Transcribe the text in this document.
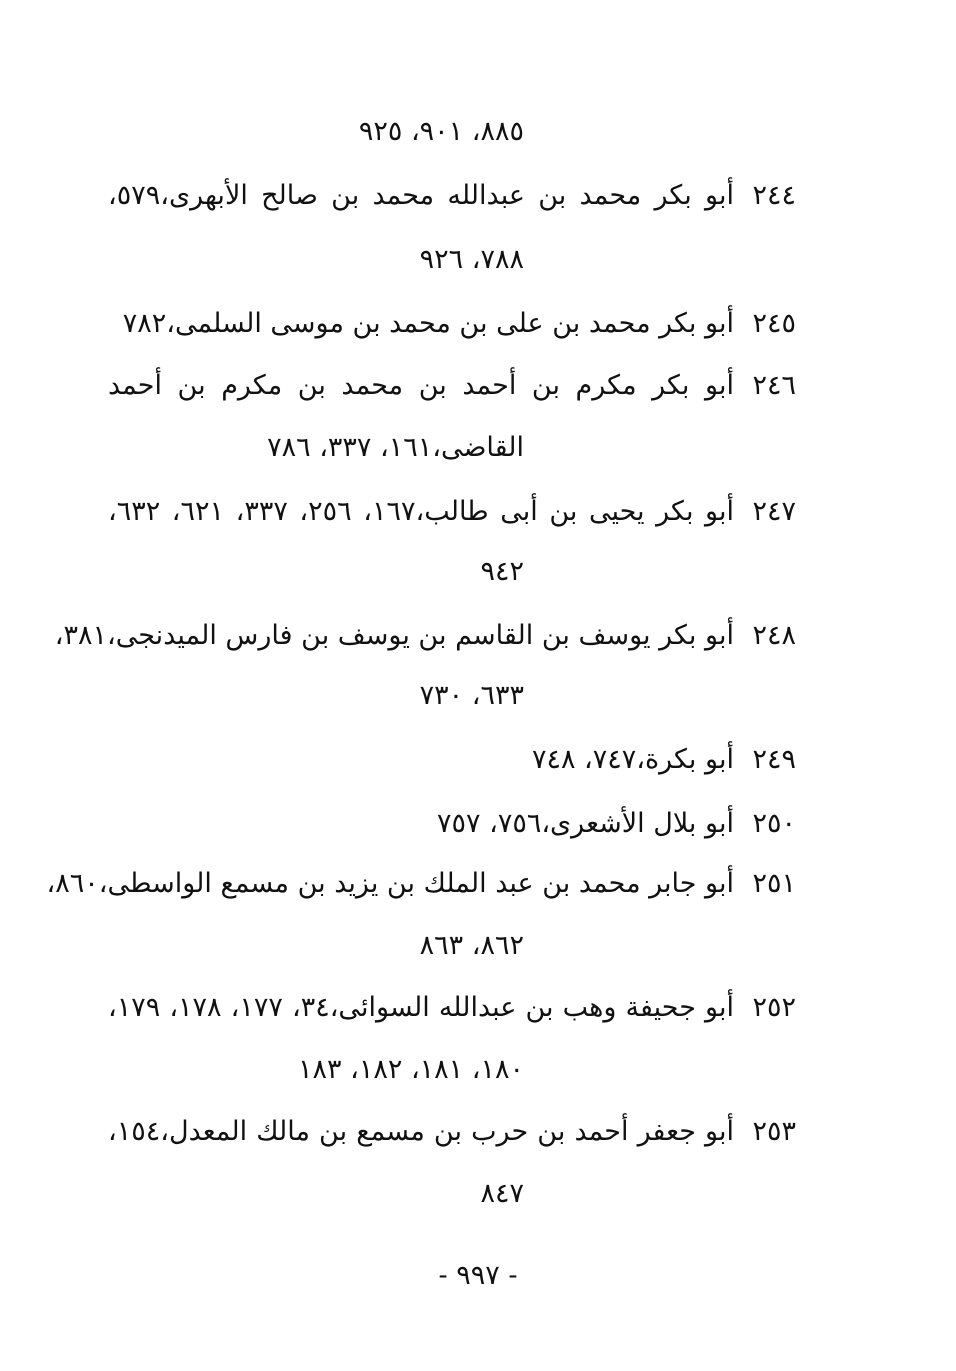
٨٨٥، ٩٠١، ٩٢٥
٢٤٤أبو بكر محمد بن عبدالله محمد بن صالح الأبهرى،٥٧٩،
٧٨٨، ٩٢٦
٢٤٥أبو بكر محمد بن على بن محمد بن موسى السلمى،٧٨٢
٢٤٦أبو بكر مكرم بن أحمد بن محمد بن مكرم بن أحمد
القاضى،١٦١، ٣٣٧، ٧٨٦
٢٤٧أبو بكر يحيى بن أبى طالب،١٦٧، ٢٥٦، ٣٣٧، ٦٢١، ٦٣٢،
٩٤٢
٢٤٨أبو بكر يوسف بن القاسم بن يوسف بن فارس الميدنجى،٣٨١،
٦٣٣، ٧٣٠
٢٤٩أبو بكرة،٧٤٧، ٧٤٨
٢٥٠أبو بلال الأشعرى،٧٥٦، ٧٥٧
٢٥١أبو جابر محمد بن عبد الملك بن يزيد بن مسمع الواسطى،٨٦٠،
٨٦٢، ٨٦٣
٢٥٢أبو جحيفة وهب بن عبدالله السوائى،٣٤، ١٧٧، ١٧٨، ١٧٩،
١٨٠، ١٨١، ١٨٢، ١٨٣
٢٥٣أبو جعفر أحمد بن حرب بن مسمع بن مالك المعدل،١٥٤،
٨٤٧
- ٩٩٧ -
